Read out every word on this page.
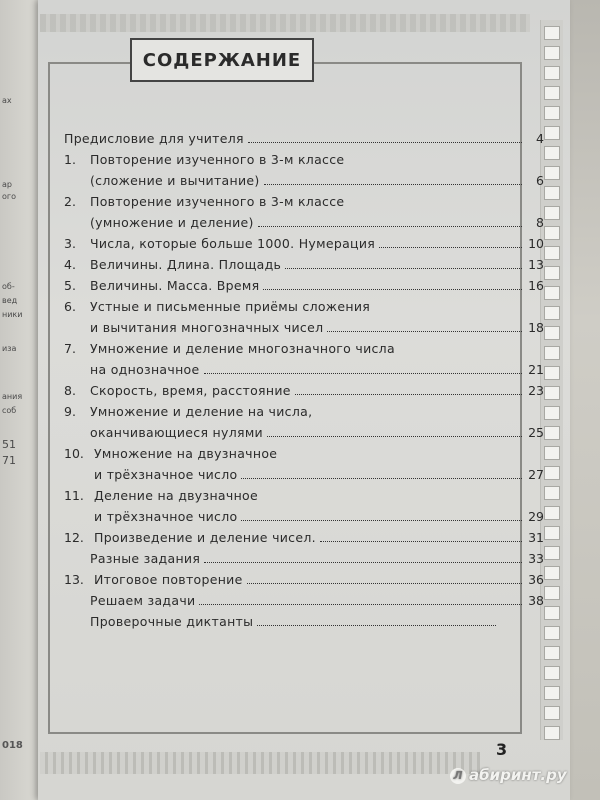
ах
ар
ого
об-
вед
ники
иза
ания
соб
51
71
018
СОДЕРЖАНИЕ
Предисловие для учителя	4
1.	Повторение изученного в 3-м классе
(сложение и вычитание)	6
2.	Повторение изученного в 3-м классе
(умножение и деление)	8
3.	Числа, которые больше 1000. Нумерация	10
4.	Величины. Длина. Площадь	13
5.	Величины. Масса. Время	16
6.	Устные и письменные приёмы сложения
и вычитания многозначных чисел	18
7.	Умножение и деление многозначного числа
на однозначное	21
8.	Скорость, время, расстояние	23
9.	Умножение и деление на числа,
оканчивающиеся нулями	25
10. Умножение на двузначное
и трёхзначное число	27
11. Деление на двузначное
и трёхзначное число	29
12. Произведение и деление чисел.	31
Разные задания	33
13. Итоговое повторение	36
Решаем задачи	38
Проверочные диктанты
3
Л абиринт.ру
